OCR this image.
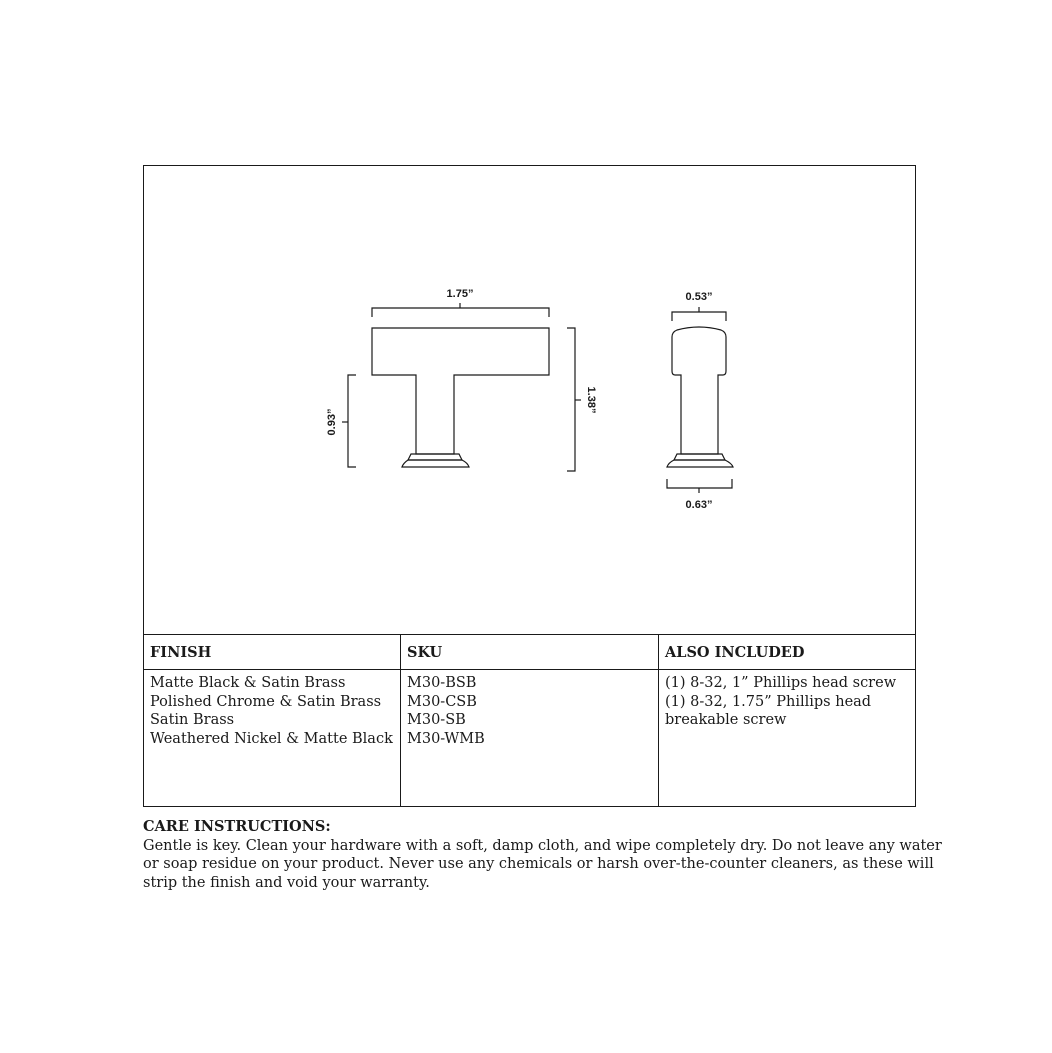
1.75”
1.38”
0.93”
0.53”
0.63”
FINISH	SKU	ALSO INCLUDED
Matte Black & Satin Brass
Polished Chrome & Satin Brass
Satin Brass
Weathered Nickel & Matte Black
M30-BSB
M30-CSB
M30-SB
M30-WMB
(1) 8-32, 1” Phillips head screw
(1) 8-32, 1.75” Phillips head
breakable screw
CARE INSTRUCTIONS:
Gentle is key. Clean your hardware with a soft, damp cloth, and wipe completely dry. Do not leave any water
or soap residue on your product. Never use any chemicals or harsh over-the-counter cleaners, as these will
strip the finish and void your warranty.
